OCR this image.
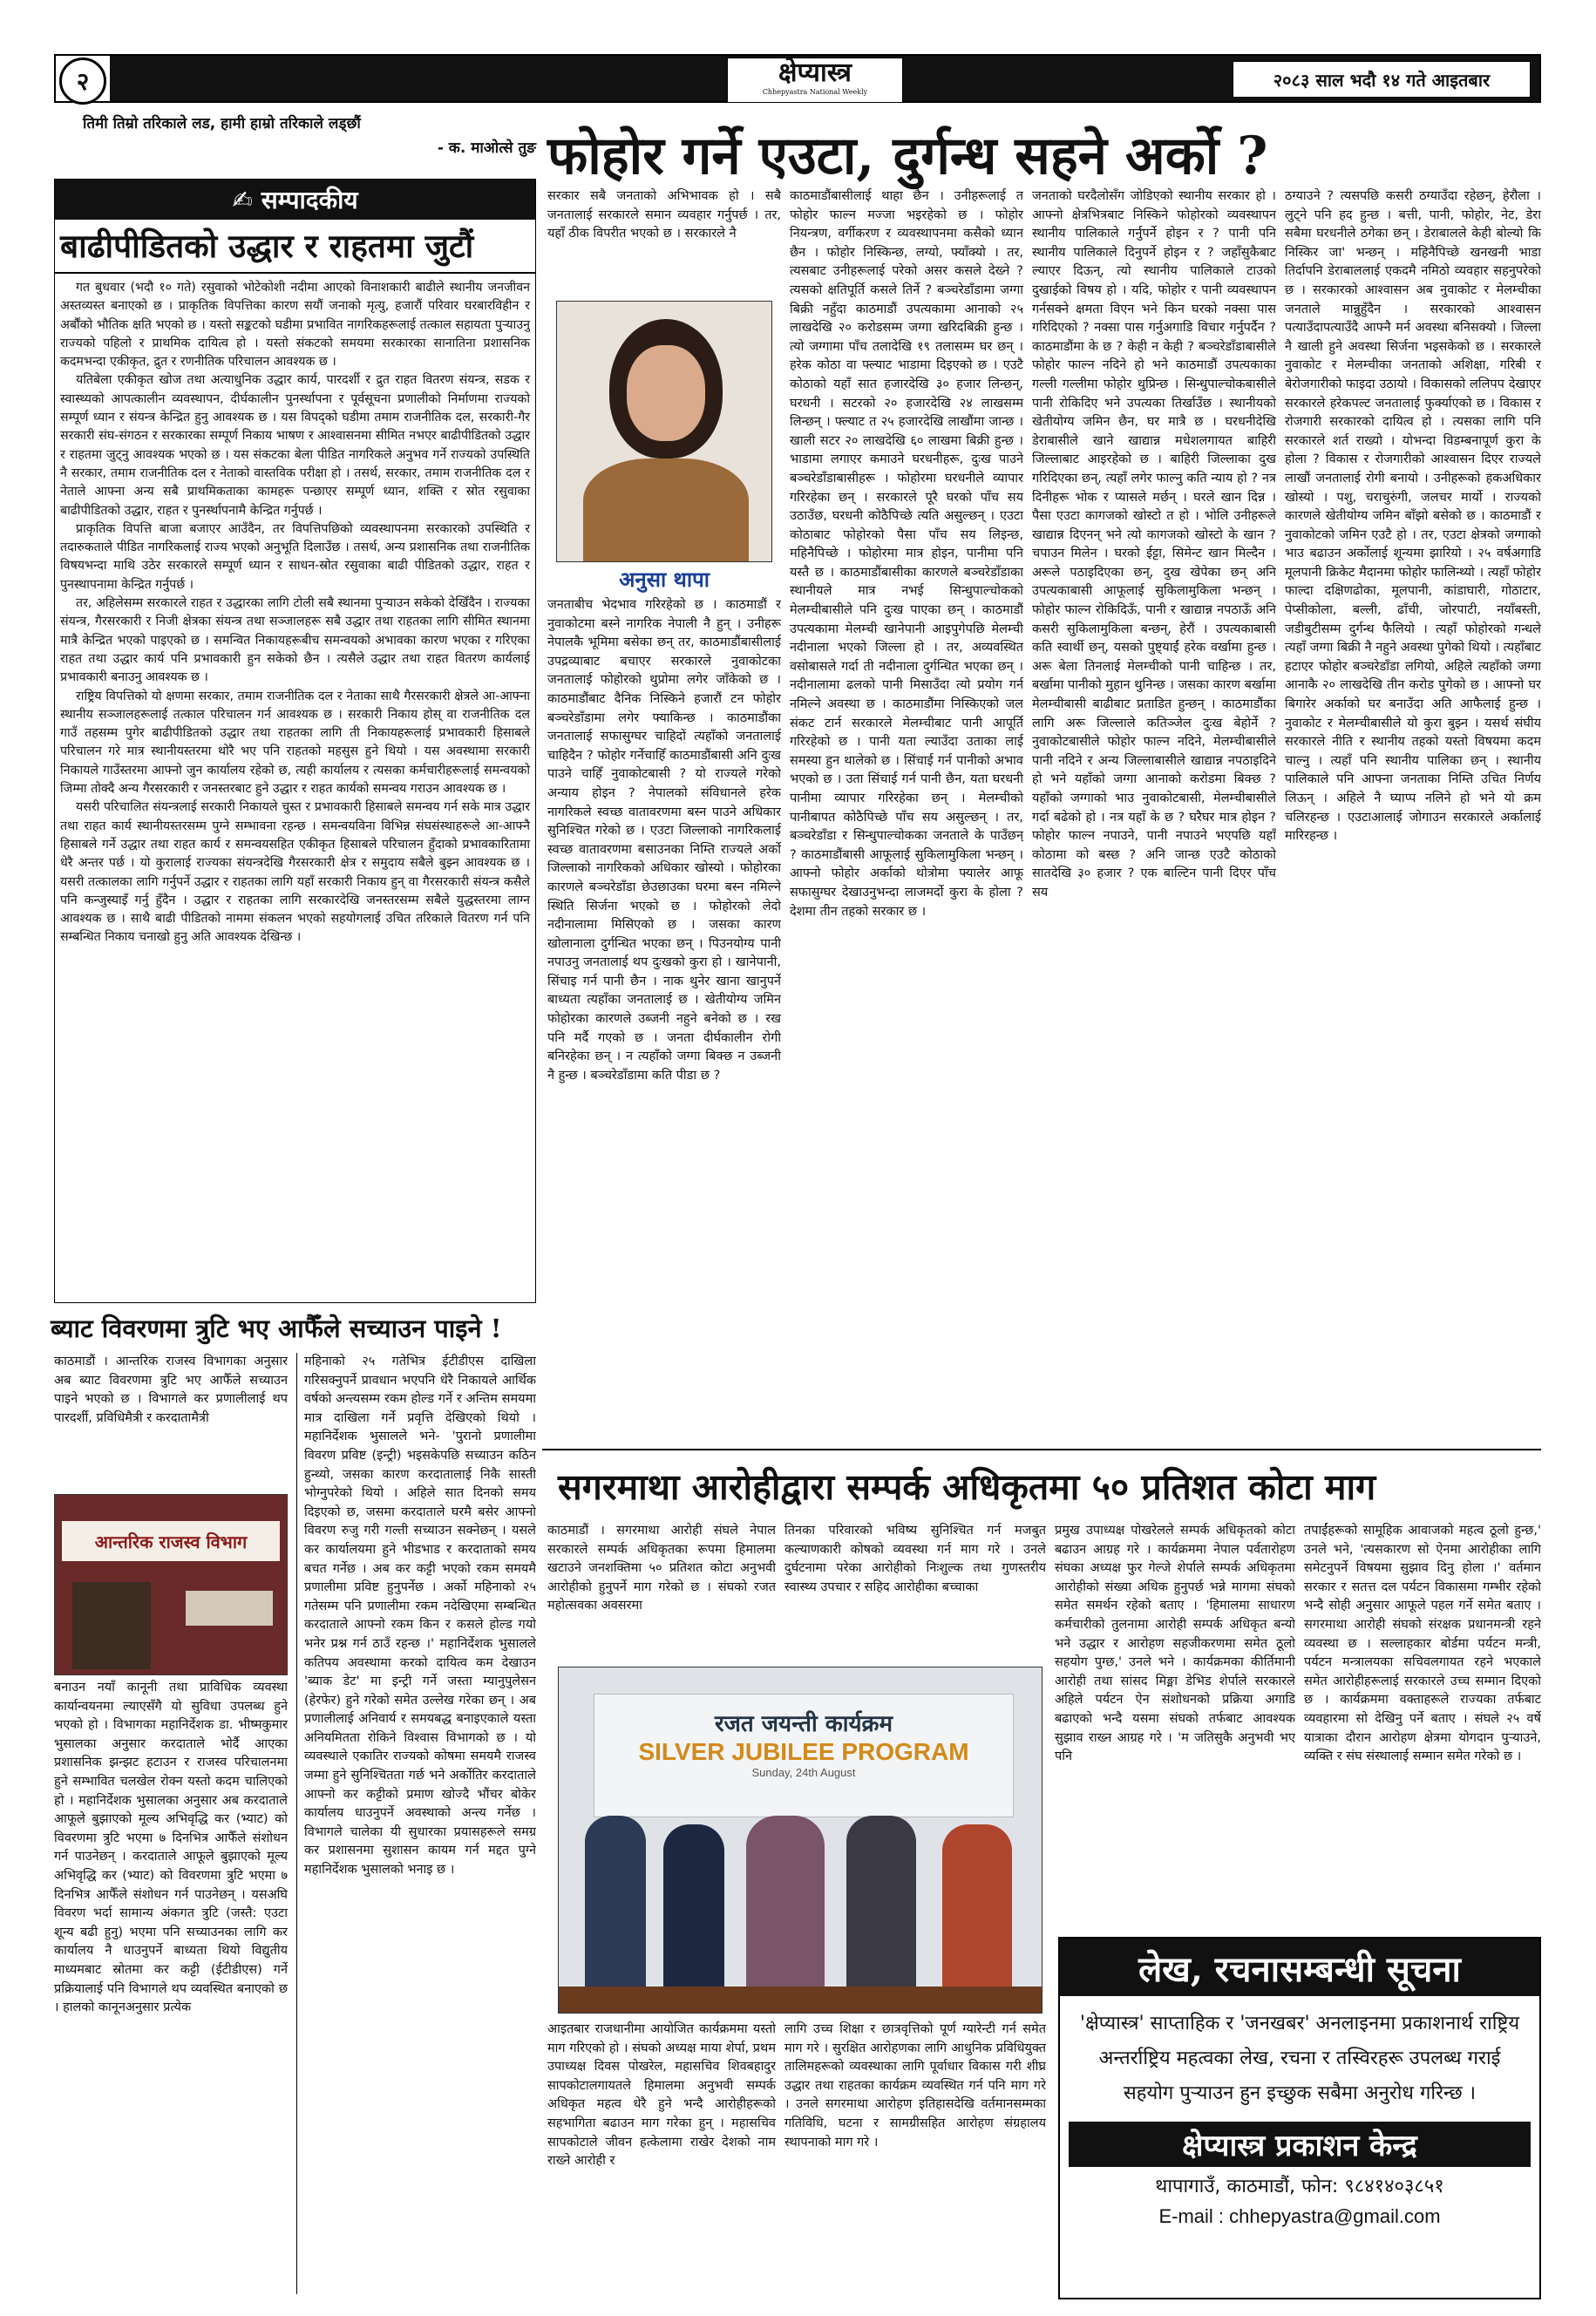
२	क्षेप्यास्त्र
Chhepyastra National Weekly
२०८३ साल भदौ १४ गते आइतबार
तिमी तिम्रो तरिकाले लड, हामी हाम्रो तरिकाले लड्छौं
- क. माओत्से तुङ
✍ सम्पादकीय
बाढीपीडितको उद्धार र राहतमा जुटौं

गत बुधवार (भदौ १० गते) रसुवाको भोटेकोशी नदीमा आएको विनाशकारी बाढीले स्थानीय जनजीवन अस्तव्यस्त बनाएको छ । प्राकृतिक विपत्तिका कारण सयौं जनाको मृत्यु, हजारौं परिवार घरबारविहीन र अर्बौंको भौतिक क्षति भएको छ । यस्तो सङ्कटको घडीमा प्रभावित नागरिकहरूलाई तत्काल सहायता पुर्‍याउनु राज्यको पहिलो र प्राथमिक दायित्व हो । यस्तो संकटको समयमा सरकारका सानातिना प्रशासनिक कदमभन्दा एकीकृत, द्रुत र रणनीतिक परिचालन आवश्यक छ ।

यतिबेला एकीकृत खोज तथा अत्याधुनिक उद्धार कार्य, पारदर्शी र द्रुत राहत वितरण संयन्त्र, सडक र स्वास्थ्यको आपत्कालीन व्यवस्थापन, दीर्घकालीन पुनर्स्थापना र पूर्वसूचना प्रणालीको निर्माणमा राज्यको सम्पूर्ण ध्यान र संयन्त्र केन्द्रित हुनु आवश्यक छ । यस विपद्को घडीमा तमाम राजनीतिक दल, सरकारी-गैर सरकारी संघ-संगठन र सरकारका सम्पूर्ण निकाय भाषण र आश्वासनमा सीमित नभएर बाढीपीडितको उद्धार र राहतमा जुट्नु आवश्यक भएको छ । यस संकटका बेला पीडित नागरिकले अनुभव गर्ने राज्यको उपस्थिति नै सरकार, तमाम राजनीतिक दल र नेताको वास्तविक परीक्षा हो । तसर्थ, सरकार, तमाम राजनीतिक दल र नेताले आफ्ना अन्य सबै प्राथमिकताका कामहरू पन्छाएर सम्पूर्ण ध्यान, शक्ति र स्रोत रसुवाका बाढीपीडितको उद्धार, राहत र पुनर्स्थापनामै केन्द्रित गर्नुपर्छ ।

प्राकृतिक विपत्ति बाजा बजाएर आउँदैन, तर विपत्तिपछिको व्यवस्थापनमा सरकारको उपस्थिति र तदारुकताले पीडित नागरिकलाई राज्य भएको अनुभूति दिलाउँछ । तसर्थ, अन्य प्रशासनिक तथा राजनीतिक विषयभन्दा माथि उठेर सरकारले सम्पूर्ण ध्यान र साधन-स्रोत रसुवाका बाढी पीडितको उद्धार, राहत र पुनस्थापनामा केन्द्रित गर्नुपर्छ ।

तर, अहिलेसम्म सरकारले राहत र उद्धारका लागि टोली सबै स्थानमा पुऱ्याउन सकेको देखिँदैन । राज्यका संयन्त्र, गैरसरकारी र निजी क्षेत्रका संयन्त्र तथा सञ्जालहरू सबै उद्धार तथा राहतका लागि सीमित स्थानमा मात्रै केन्द्रित भएको पाइएको छ । समन्वित निकायहरूबीच समन्वयको अभावका कारण भएका र गरिएका राहत तथा उद्धार कार्य पनि प्रभावकारी हुन सकेको छैन । त्यसैले उद्धार तथा राहत वितरण कार्यलाई प्रभावकारी बनाउनु आवश्यक छ ।

राष्ट्रिय विपत्तिको यो क्षणमा सरकार, तमाम राजनीतिक दल र नेताका साथै गैरसरकारी क्षेत्रले आ-आफ्ना स्थानीय सञ्जालहरूलाई तत्काल परिचालन गर्न आवश्यक छ । सरकारी निकाय होस् वा राजनीतिक दल गाउँ तहसम्म पुगेर बाढीपीडितको उद्धार तथा राहतका लागि ती निकायहरूलाई प्रभावकारी हिसाबले परिचालन गरे मात्र स्थानीयस्तरमा थोरै भए पनि राहतको महसुस हुने थियो । यस अवस्थामा सरकारी निकायले गाउँस्तरमा आफ्नो जुन कार्यालय रहेको छ, त्यही कार्यालय र त्यसका कर्मचारीहरूलाई समन्वयको जिम्मा तोक्दै अन्य गैरसरकारी र जनस्तरबाट हुने उद्धार र राहत कार्यको समन्वय गराउन आवश्यक छ ।

यसरी परिचालित संयन्त्रलाई सरकारी निकायले चुस्त र प्रभावकारी हिसाबले समन्वय गर्न सके मात्र उद्धार तथा राहत कार्य स्थानीयस्तरसम्म पुग्ने सम्भावना रहन्छ । समन्वयविना विभिन्न संघसंस्थाहरूले आ-आफ्नै हिसाबले गर्ने उद्धार तथा राहत कार्य र समन्वयसहित एकीकृत हिसाबले परिचालन हुँदाको प्रभावकारितामा धेरै अन्तर पर्छ । यो कुरालाई राज्यका संयन्त्रदेखि गैरसरकारी क्षेत्र र समुदाय सबैले बुझ्न आवश्यक छ । यसरी तत्कालका लागि गर्नुपर्ने उद्धार र राहतका लागि यहाँ सरकारी निकाय हुन् वा गैरसरकारी संयन्त्र कसैले पनि कन्जुस्याइँ गर्नु हुँदैन । उद्धार र राहतका लागि सरकारदेखि जनस्तरसम्म सबैले युद्धस्तरमा लाग्न आवश्यक छ । साथै बाढी पीडितको नाममा संकलन भएको सहयोगलाई उचित तरिकाले वितरण गर्न पनि सम्बन्धित निकाय चनाखो हुनु अति आवश्यक देखिन्छ ।

ब्याट विवरणमा त्रुटि भए आफैँले सच्याउन पाइने !
काठमाडौं । आन्तरिक राजस्व विभागका अनुसार अब ब्याट विवरणमा त्रुटि भए आफैँले सच्याउन पाइने भएको छ । विभागले कर प्रणालीलाई थप पारदर्शी, प्रविधिमैत्री र करदातामैत्री
आन्तरिक राजस्व विभाग
बनाउन नयाँ कानूनी तथा प्राविधिक व्यवस्था कार्यान्वयनमा ल्याएसँगै यो सुविधा उपलब्ध हुने भएको हो । विभागका महानिर्देशक डा. भीष्मकुमार भुसालका अनुसार करदाताले भोर्दै आएका प्रशासनिक झन्झट हटाउन र राजस्व परिचालनमा हुने सम्भावित चलखेल रोक्न यस्तो कदम चालिएको हो । महानिर्देशक भुसालका अनुसार अब करदाताले आफूले बुझाएको मूल्य अभिवृद्धि कर (भ्याट) को विवरणमा त्रुटि भएमा ७ दिनभित्र आफैँले संशोधन गर्न पाउनेछन् । करदाताले आफूले बुझाएको मूल्य अभिवृद्धि कर (भ्याट) को विवरणमा त्रुटि भएमा ७ दिनभित्र आफैँले संशोधन गर्न पाउनेछन् । यसअघि विवरण भर्दा सामान्य अंकगत त्रुटि (जस्तै: एउटा शून्य बढी हुनु) भएमा पनि सच्याउनका लागि कर कार्यालय नै धाउनुपर्ने बाध्यता थियो विद्युतीय माध्यमबाट स्रोतमा कर कट्टी (ईटीडीएस) गर्ने प्रक्रियालाई पनि विभागले थप व्यवस्थित बनाएको छ । हालको कानूनअनुसार प्रत्येक
महिनाको २५ गतेभित्र ईटीडीएस दाखिला गरिसक्नुपर्ने प्रावधान भएपनि धेरै निकायले आर्थिक वर्षको अन्त्यसम्म रकम होल्ड गर्ने र अन्तिम समयमा मात्र दाखिला गर्ने प्रवृत्ति देखिएको थियो । महानिर्देशक भुसालले भने- 'पुरानो प्रणालीमा विवरण प्रविष्ट (इन्ट्री) भइसकेपछि सच्याउन कठिन हुन्थ्यो, जसका कारण करदातालाई निकै सास्ती भोग्नुपरेको थियो । अहिले सात दिनको समय दिइएको छ, जसमा करदाताले घरमै बसेर आफ्नो विवरण रुजु गरी गल्ती सच्याउन सक्नेछन् । यसले कर कार्यालयमा हुने भीडभाड र करदाताको समय बचत गर्नेछ । अब कर कट्टी भएको रकम समयमै प्रणालीमा प्रविष्ट हुनुपर्नेछ । अर्को महिनाको २५ गतेसम्म पनि प्रणालीमा रकम नदेखिएमा सम्बन्धित करदाताले आफ्नो रकम किन र कसले होल्ड गयो भनेर प्रश्न गर्न ठाउँ रहन्छ ।' महानिर्देशक भुसालले कतिपय अवस्थामा करको दायित्व कम देखाउन 'ब्याक डेट' मा इन्ट्री गर्ने जस्ता म्यानुपुलेसन (हेरफेर) हुने गरेको समेत उल्लेख गरेका छन् । अब प्रणालीलाई अनिवार्य र समयबद्ध बनाइएकाले यस्ता अनियमितता रोकिने विश्वास विभागको छ । यो व्यवस्थाले एकातिर राज्यको कोषमा समयमै राजस्व जम्मा हुने सुनिश्चितता गर्छ भने अर्कोतिर करदाताले आफ्नो कर कट्टीको प्रमाण खोज्दै भौंचर बोकेर कार्यालय धाउनुपर्ने अवस्थाको अन्त्य गर्नेछ । विभागले चालेका यी सुधारका प्रयासहरूले समग्र कर प्रशासनमा सुशासन कायम गर्न मद्दत पुग्ने महानिर्देशक भुसालको भनाइ छ ।
फोहोर गर्ने एउटा, दुर्गन्ध सहने अर्को ?
सरकार सबै जनताको अभिभावक हो । सबै जनतालाई सरकारले समान व्यवहार गर्नुपर्छ । तर, यहाँ ठीक विपरीत भएको छ । सरकारले नै
अनुसा थापा
जनताबीच भेदभाव गरिरहेको छ । काठमाडौं र नुवाकोटमा बस्ने नागरिक नेपाली नै हुन् । उनीहरू नेपालकै भूमिमा बसेका छन् तर, काठमाडौंबासीलाई उपद्रव्याबाट बचाएर सरकारले नुवाकोटका जनतालाई फोहोरको थुप्रोमा लगेर जाँकेको छ । काठमाडौंबाट दैनिक निस्किने हजारौं टन फोहोर बञ्चरेडाँडामा लगेर फ्याकिन्छ । काठमाडौंका जनतालाई सफासुग्घर चाहिदों त्यहाँको जनतालाई चाहिदैन ? फोहोर गर्नेचाहिँ काठमाडौंबासी अनि दुःख पाउने चाहिँ नुवाकोटबासी ? यो राज्यले गरेको अन्याय होइन ? नेपालको संविधानले हरेक नागरिकले स्वच्छ वातावरणमा बस्न पाउने अधिकार सुनिश्चित गरेको छ । एउटा जिल्लाको नागरिकलाई स्वच्छ वातावरणमा बसाउनका निम्ति राज्यले अर्को जिल्लाको नागरिकको अधिकार खोस्यो । फोहोरका कारणले बञ्चरेडाँडा छेउछाउका घरमा बस्न नमिल्ने स्थिति सिर्जना भएको छ । फोहोरको लेदो नदीनालामा मिसिएको छ । जसका कारण खोलानाला दुर्गन्धित भएका छन् । पिउनयोग्य पानी नपाउनु जनतालाई थप दुःखको कुरा हो । खानेपानी, सिंचाइ गर्न पानी छैन । नाक थुनेर खाना खानुपर्ने बाध्यता त्यहाँका जनतालाई छ । खेतीयोग्य जमिन फोहोरका कारणले उब्जनी नहुने बनेको छ । रख पनि मर्दै गएको छ । जनता दीर्घकालीन रोगी बनिरहेका छन् । न त्यहाँको जग्गा बिक्छ न उब्जनी नै हुन्छ । बञ्चरेडाँडामा कति पीडा छ ?
काठमाडौंबासीलाई थाहा छैन । उनीहरूलाई त फोहोर फाल्न मज्जा भइरहेको छ । फोहोर नियन्त्रण, वर्गीकरण र व्यवस्थापनमा कसैको ध्यान छैन । फोहोर निस्किन्छ, लग्यो, फ्याँक्यो । तर, त्यसबाट उनीहरूलाई परेको असर कसले देख्ने ? त्यसको क्षतिपूर्ति कसले तिर्ने ? बञ्चरेडाँडामा जग्गा बिक्री नहुँदा काठमाडौं उपत्यकामा आनाको २५ लाखदेखि २० करोडसम्म जग्गा खरिदबिक्री हुन्छ । त्यो जग्गामा पाँच तलादेखि १९ तलासम्म घर छन् । हरेक कोठा वा फ्ल्याट भाडामा दिइएको छ । एउटै कोठाको यहाँ सात हजारदेखि ३० हजार लिन्छन्, घरधनी । सटरको २० हजारदेखि २४ लाखसम्म लिन्छन् । फ्ल्याट त २५ हजारदेखि लाखौंमा जान्छ । खाली सटर २० लाखदेखि ६० लाखमा बिक्री हुन्छ । भाडामा लगाएर कमाउने घरधनीहरू, दुःख पाउने बञ्चरेडाँडाबासीहरू । फोहोरमा घरधनीले व्यापार गरिरहेका छन् । सरकारले पूरै घरको पाँच सय उठाउँछ, घरधनी कोठैपिच्छे त्यति असुल्छन् । एउटा कोठाबाट फोहोरको पैसा पाँच सय लिइन्छ, महिनैपिच्छे । फोहोरमा मात्र होइन, पानीमा पनि यस्तै छ । काठमाडौंबासीका कारणले बञ्चरेडाँडाका स्थानीयले मात्र नभई सिन्धुपाल्चोकको मेलम्चीबासीले पनि दुःख पाएका छन् । काठमाडौं उपत्यकामा मेलम्ची खानेपानी आइपुगेपछि मेलम्ची नदीनाला भएको जिल्ला हो । तर, अव्यवस्थित वसोबासले गर्दा ती नदीनाला दुर्गन्धित भएका छन् । नदीनालामा ढलको पानी मिसाउँदा त्यो प्रयोग गर्न नमिल्ने अवस्था छ । काठमाडौंमा निस्किएको जल संकट टार्न सरकारले मेलम्चीबाट पानी आपूर्ति गरिरहेको छ । पानी यता ल्याउँदा उताका लाई समस्या हुन थालेको छ । सिंचाई गर्न पानीको अभाव भएको छ । उता सिंचाई गर्न पानी छैन, यता घरधनी पानीमा व्यापार गरिरहेका छन् । मेलम्चीको पानीबापत कोठैपिच्छे पाँच सय असुल्छन् । तर, बञ्चरेडाँडा र सिन्धुपाल्चोकका जनताले के पाउँछन् ? काठमाडौंबासी आफूलाई सुकिलामुकिला भन्छन् । आफ्नो फोहोर अर्काको थोत्रोमा फ्यालेर आफू सफासुग्घर देखाउनुभन्दा लाजमर्दो कुरा के होला ? देशमा तीन तहको सरकार छ ।
जनताको घरदैलोसँग जोडिएको स्थानीय सरकार हो । आफ्नो क्षेत्रभित्रबाट निस्किने फोहोरको व्यवस्थापन स्थानीय पालिकाले गर्नुपर्ने होइन र ? पानी पनि स्थानीय पालिकाले दिनुपर्ने होइन र ? जहाँसुकैबाट ल्याएर दिऊन्, त्यो स्थानीय पालिकाले टाउको दुखाईको विषय हो । यदि, फोहोर र पानी व्यवस्थापन गर्नसक्ने क्षमता विएन भने किन घरको नक्सा पास गरिदिएको ? नक्सा पास गर्नुअगाडि विचार गर्नुपर्दैन ? काठमाडौंमा के छ ? केही न केही ? बञ्चरेडाँडाबासीले फोहोर फाल्न नदिने हो भने काठमाडौं उपत्यकाका गल्ली गल्लीमा फोहोर थुप्रिन्छ । सिन्धुपाल्चोकबासीले पानी रोकिदिए भने उपत्यका तिर्खाउँछ । स्थानीयको खेतीयोग्य जमिन छैन, घर मात्रै छ । घरधनीदेखि डेराबासीले खाने खाद्यान्न मधेशलगायत बाहिरी जिल्लाबाट आइरहेको छ । बाहिरी जिल्लाका दुख गरिदिएका छन्, त्यहाँ लगेर फाल्नु कति न्याय हो ? नत्र दिनीहरू भोक र प्यासले मर्छन् । घरले खान दिन्न । पैसा एउटा कागजको खोस्टो त हो । भोलि उनीहरूले खाद्यान्न दिएनन् भने त्यो कागजको खोस्टो के खान ? चपाउन मिलेन । घरको ईट्टा, सिमेन्ट खान मिल्दैन । अरूले पठाइदिएका छन्, दुख खेपेका छन् अनि उपत्यकाबासी आफूलाई सुकिलामुकिला भन्छन् । फोहोर फाल्न रोकिदिऊँ, पानी र खाद्यान्न नपठाऊँ अनि कसरी सुकिलामुकिला बन्छन्, हेरौं । उपत्यकाबासी कति स्वार्थी छन्, यसको पुष्ट्याईं हरेक वर्खामा हुन्छ । अरू बेला तिनलाई मेलम्चीको पानी चाहिन्छ । तर, बर्खामा पानीको मुहान थुनिन्छ । जसका कारण बर्खामा मेलम्चीबासी बाढीबाट प्रताडित हुन्छन् । काठमाडौंका लागि अरू जिल्लाले कतिञ्जेल दुःख बेहोर्ने ? नुवाकोटबासीले फोहोर फाल्न नदिने, मेलम्चीबासीले पानी नदिने र अन्य जिल्लाबासीले खाद्यान्न नपठाइदिने हो भने यहाँको जग्गा आनाको करोडमा बिक्छ ? यहाँको जग्गाको भाउ नुवाकोटबासी, मेलम्चीबासीले गर्दा बढेको हो । नत्र यहाँ के छ ? घरैघर मात्र होइन ? फोहोर फाल्न नपाउने, पानी नपाउने भएपछि यहाँ कोठामा को बस्छ ? अनि जान्छ एउटै कोठाको सातदेखि ३० हजार ? एक बाल्टिन पानी दिएर पाँच सय
ठग्याउने ? त्यसपछि कसरी ठग्याउँदा रहेछन्, हेरौला । लुट्ने पनि हद हुन्छ । बत्ती, पानी, फोहोर, नेट, डेरा सबैमा घरधनीले ठगेका छन् । डेराबालले केही बोल्यो कि निस्किर जा' भन्छन् । महिनैपिच्छे खनखनी भाडा तिर्दापनि डेराबाललाई एकदमै नमिठो व्यवहार सहनुपरेको छ । सरकारको आश्वासन अब नुवाकोट र मेलम्चीका जनताले मान्नुहुँदैन । सरकारको आश्वासन पत्याउँदापत्याउँदै आफ्नै मर्न अवस्था बनिसक्यो । जिल्ला नै खाली हुने अवस्था सिर्जना भइसकेको छ । सरकारले नुवाकोट र मेलम्चीका जनताको अशिक्षा, गरिबी र बेरोजगारीको फाइदा उठायो । विकासको ललिपप देखाएर सरकारले हरेकपल्ट जनतालाई फुर्क्याएको छ । विकास र रोजगारी सरकारको दायित्व हो । त्यसका लागि पनि सरकारले शर्त राख्यो । योभन्दा विडम्बनापूर्ण कुरा के होला ? विकास र रोजगारीको आश्वासन दिएर राज्यले लाखौं जनतालाई रोगी बनायो । उनीहरूको हकअधिकार खोस्यो । पशु, चराचुरुंगी, जलचर मार्यो । राज्यको कारणले खेतीयोग्य जमिन बाँझो बसेको छ । काठमाडौं र नुवाकोटको जमिन एउटै हो । तर, एउटा क्षेत्रको जग्गाको भाउ बढाउन अर्कोलाई शून्यमा झारियो । २५ वर्षअगाडि मूलपानी क्रिकेट मैदानमा फोहोर फालिन्थ्यो । त्यहाँ फोहोर फाल्दा दक्षिणढोका, मूलपानी, कांडाघारी, गोठाटार, पेप्सीकोला, बल्ली, ढाँची, जोरपाटी, नयाँबस्ती, जडीबुटीसम्म दुर्गन्ध फैलियो । त्यहाँ फोहोरको गन्धले त्यहाँ जग्गा बिक्री नै नहुने अवस्था पुगेको थियो । त्यहाँबाट हटाएर फोहोर बञ्चरेडाँडा लगियो, अहिले त्यहाँको जग्गा आनाकै २० लाखदेखि तीन करोड पुगेको छ । आफ्नो घर बिगारेर अर्काको घर बनाउँदा अति आफैलाई हुन्छ । नुवाकोट र मेलम्चीबासीले यो कुरा बुझ्न । यसर्थ संघीय सरकारले नीति र स्थानीय तहको यस्तो विषयमा कदम चाल्नु । त्यहाँ पनि स्थानीय पालिका छन् । स्थानीय पालिकाले पनि आफ्ना जनताका निम्ति उचित निर्णय लिऊन् । अहिले नै घ्याप्प नलिने हो भने यो क्रम चलिरहन्छ । एउटाआलाई जोगाउन सरकारले अर्कालाई मारिरहन्छ ।
सगरमाथा आरोहीद्वारा सम्पर्क अधिकृतमा ५० प्रतिशत कोटा माग
काठमाडौं । सगरमाथा आरोही संघले नेपाल सरकारले सम्पर्क अधिकृतका रूपमा हिमालमा खटाउने जनशक्तिमा ५० प्रतिशत कोटा अनुभवी आरोहीको हुनुपर्ने माग गरेको छ । संघको रजत महोत्सवका अवसरमा
तिनका परिवारको भविष्य सुनिश्चित गर्न मजबुत कल्याणकारी कोषको व्यवस्था गर्न माग गरे । उनले दुर्घटनामा परेका आरोहीको निःशुल्क तथा गुणस्तरीय स्वास्थ्य उपचार र सहिद आरोहीका बच्चाका
प्रमुख उपाध्यक्ष पोखरेलले सम्पर्क अधिकृतको कोटा बढाउन आग्रह गरे । कार्यक्रममा नेपाल पर्वतारोहण संघका अध्यक्ष फुर गेल्जे शेर्पाले सम्पर्क अधिकृतमा आरोहीको संख्या अधिक हुनुपर्छ भन्ने मागमा संघको समेत समर्थन रहेको बताए । 'हिमालमा साधारण कर्मचारीको तुलनामा आरोही सम्पर्क अधिकृत बन्यो भने उद्धार र आरोहण सहजीकरणमा समेत ठूलो सहयोग पुग्छ,' उनले भने । कार्यक्रमका कीर्तिमानी आरोही तथा सांसद मिङ्मा डेभिड शेर्पाले सरकारले अहिले पर्यटन ऐन संशोधनको प्रक्रिया अगाडि बढाएको भन्दै यसमा संघको तर्फबाट आवश्यक सुझाव राख्न आग्रह गरे । 'म जतिसुकै अनुभवी भए पनि
तपाईंहरूको सामूहिक आवाजको महत्व ठूलो हुन्छ,' उनले भने, 'त्यसकारण सो ऐनमा आरोहीका लागि समेटनुपर्ने विषयमा सुझाव दिनु होला ।' वर्तमान सरकार र सतत्त दल पर्यटन विकासमा गम्भीर रहेको भन्दै सोही अनुसार आफूले पहल गर्ने समेत बताए । सगरमाथा आरोही संघको संरक्षक प्रधानमन्त्री रहने व्यवस्था छ । सल्लाहकार बोर्डमा पर्यटन मन्त्री, पर्यटन मन्त्रालयका सचिवलगायत रहने भएकाले समेत आरोहीहरूलाई सरकारले उच्च सम्मान दिएको छ । कार्यक्रममा वक्ताहरूले राज्यका तर्फबाट व्यवहारमा सो देखिनु पर्ने बताए । संघले २५ वर्षे यात्राका दौरान आरोहण क्षेत्रमा योगदान पुऱ्याउने, व्यक्ति र संघ संस्थालाई सम्मान समेत गरेको छ ।
रजत जयन्ती कार्यक्रम
SILVER JUBILEE PROGRAM
Sunday, 24th August
आइतबार राजधानीमा आयोजित कार्यक्रममा यस्तो माग गरिएको हो । संघको अध्यक्ष माया शेर्पा, प्रथम उपाध्यक्ष दिवस पोखरेल, महासचिव शिवबहादुर सापकोटालगायतले हिमालमा अनुभवी सम्पर्क अधिकृत महत्व धेरै हुने भन्दै आरोहीहरूको सहभागिता बढाउन माग गरेका हुन् । महासचिव सापकोटाले जीवन हत्केलामा राखेर देशको नाम राख्ने आरोही र
लागि उच्च शिक्षा र छात्रवृत्तिको पूर्ण ग्यारेन्टी गर्न समेत माग गरे । सुरक्षित आरोहणका लागि आधुनिक प्रविधियुक्त तालिमहरूको व्यवस्थाका लागि पूर्वाधार विकास गरी शीघ्र उद्धार तथा राहतका कार्यक्रम व्यवस्थित गर्न पनि माग गरे । उनले सगरमाथा आरोहण इतिहासदेखि वर्तमानसम्मका गतिविधि, घटना र सामग्रीसहित आरोहण संग्रहालय स्थापनाको माग गरे ।
लेख, रचनासम्बन्धी सूचना
'क्षेप्यास्त्र' साप्ताहिक र 'जनखबर' अनलाइनमा प्रकाशनार्थ राष्ट्रिय अन्तर्राष्ट्रिय महत्वका लेख, रचना र तस्विरहरू उपलब्ध गराई सहयोग पुऱ्याउन हुन इच्छुक सबैमा अनुरोध गरिन्छ ।
क्षेप्यास्त्र प्रकाशन केन्द्र
थापागाउँ, काठमाडौं, फोन: ९८४१४०३८५१
E-mail : chhepyastra@gmail.com
